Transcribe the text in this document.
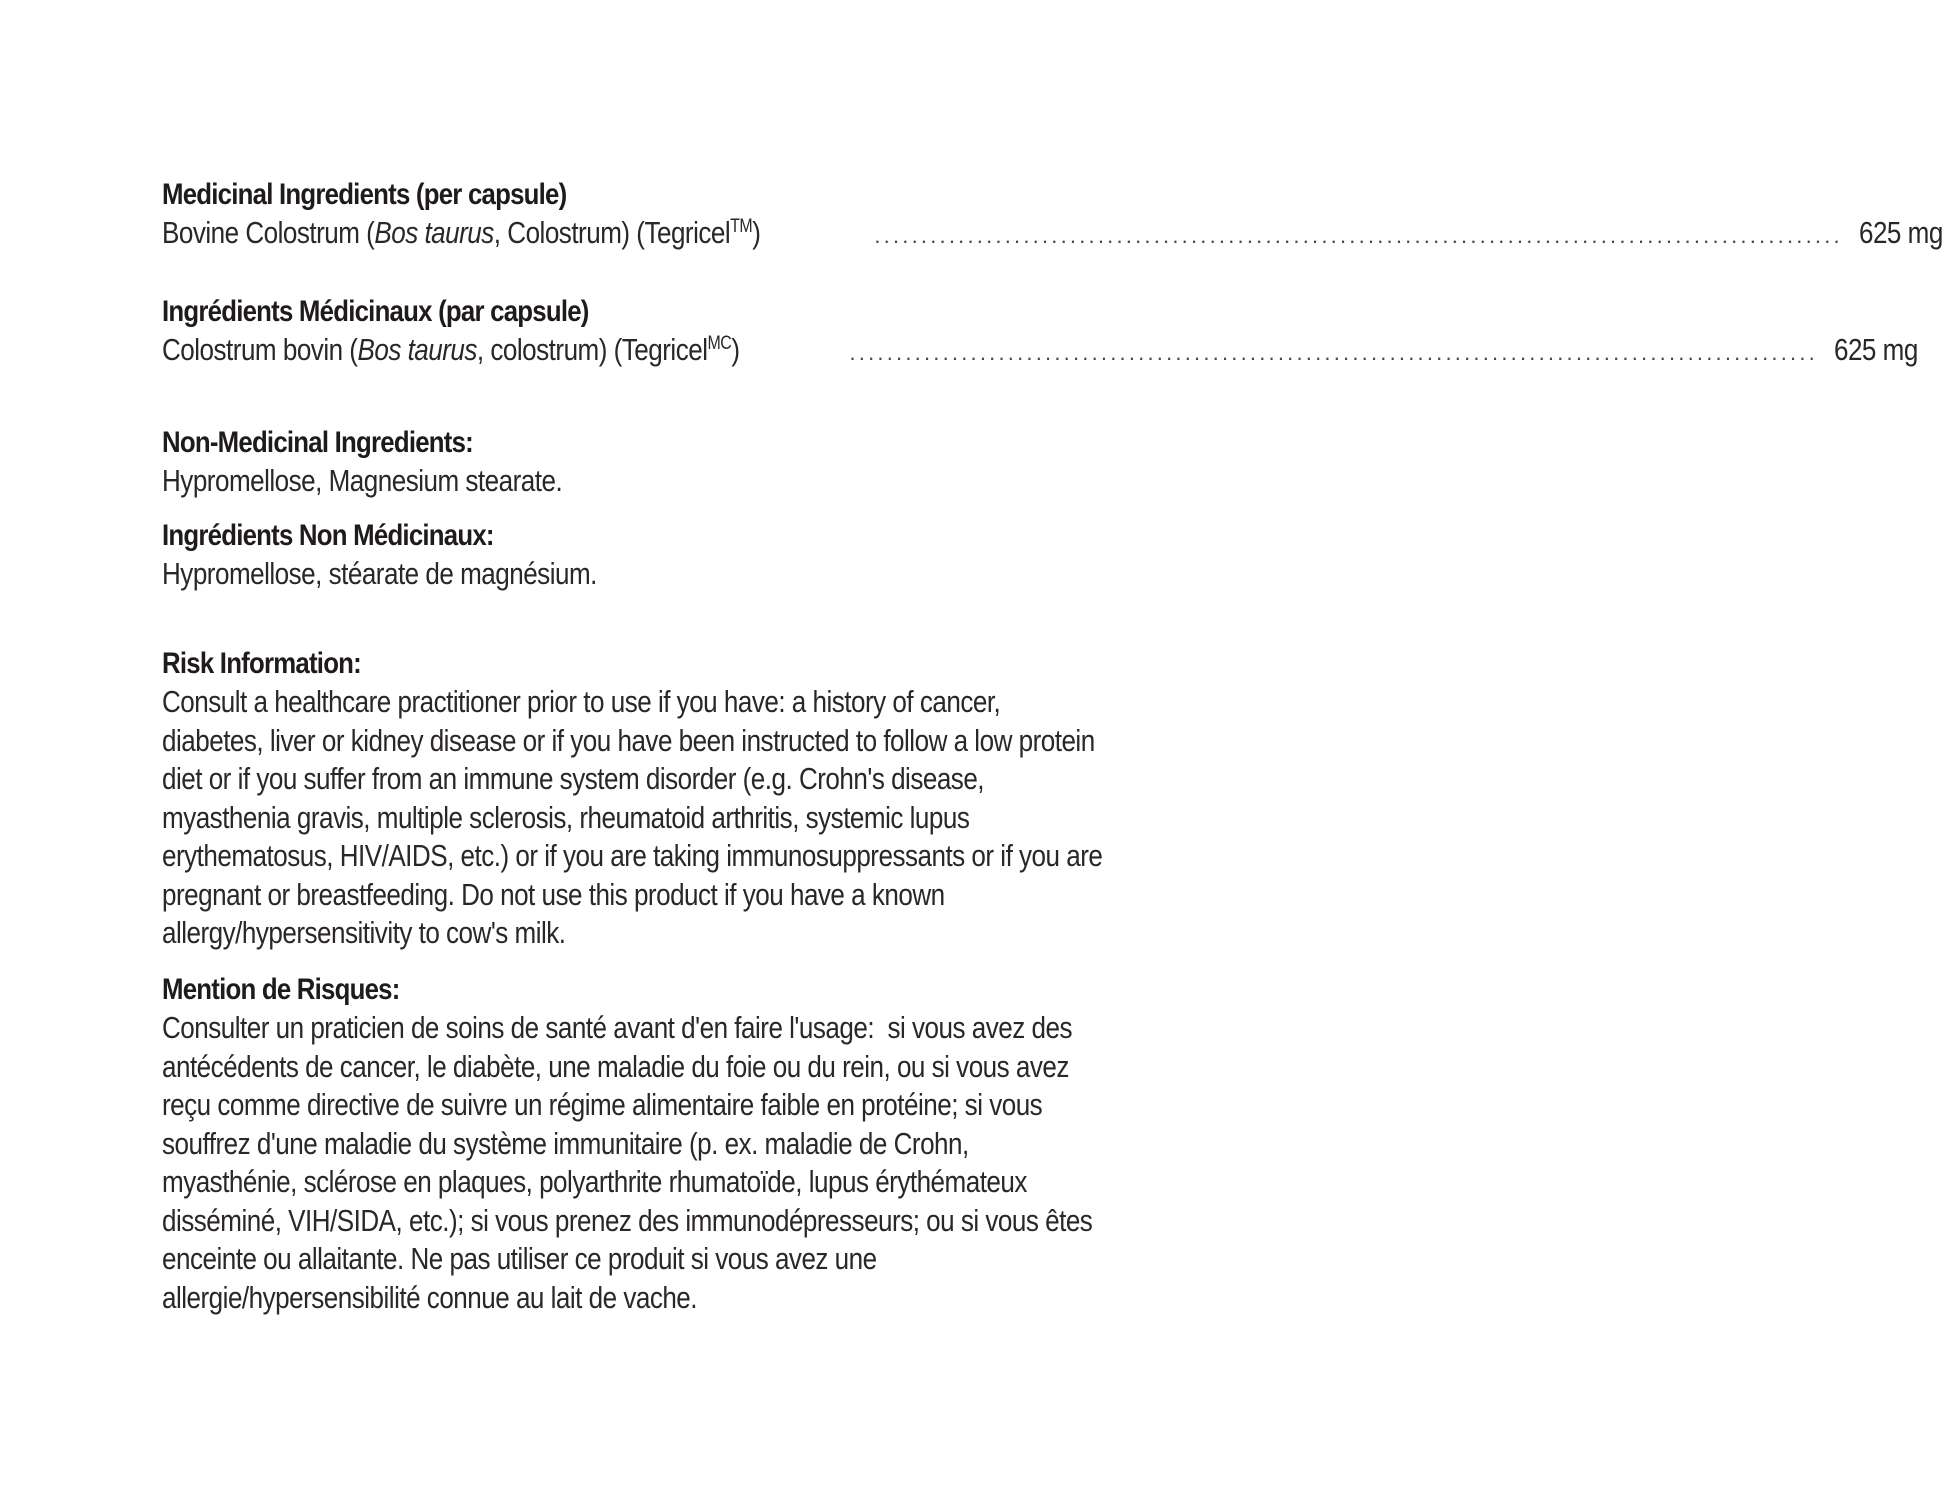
Medicinal Ingredients (per capsule)
Bovine Colostrum (Bos taurus, Colostrum) (Tegricel™)	........................................................................................................ 625 mg
Ingrédients Médicinaux (par capsule)
Colostrum bovin (Bos taurus, colostrum) (Tegricel$^{MC}$)	........................................................................................................ 625 mg
Non-Medicinal Ingredients:
Hypromellose, Magnesium stearate.
Ingrédients Non Médicinaux:
Hypromellose, stéarate de magnésium.
Risk Information:
Consult a healthcare practitioner prior to use if you have: a history of cancer,
diabetes, liver or kidney disease or if you have been instructed to follow a low protein
diet or if you suffer from an immune system disorder (e.g. Crohn's disease,
myasthenia gravis, multiple sclerosis, rheumatoid arthritis, systemic lupus
erythematosus, HIV/AIDS, etc.) or if you are taking immunosuppressants or if you are
pregnant or breastfeeding. Do not use this product if you have a known
allergy/hypersensitivity to cow's milk.
Mention de Risques:
Consulter un praticien de soins de santé avant d'en faire l'usage:  si vous avez des
antécédents de cancer, le diabète, une maladie du foie ou du rein, ou si vous avez
reçu comme directive de suivre un régime alimentaire faible en protéine; si vous
souffrez d'une maladie du système immunitaire (p. ex. maladie de Crohn,
myasthénie, sclérose en plaques, polyarthrite rhumatoïde, lupus érythémateux
disséminé, VIH/SIDA, etc.); si vous prenez des immunodépresseurs; ou si vous êtes
enceinte ou allaitante. Ne pas utiliser ce produit si vous avez une
allergie/hypersensibilité connue au lait de vache.
